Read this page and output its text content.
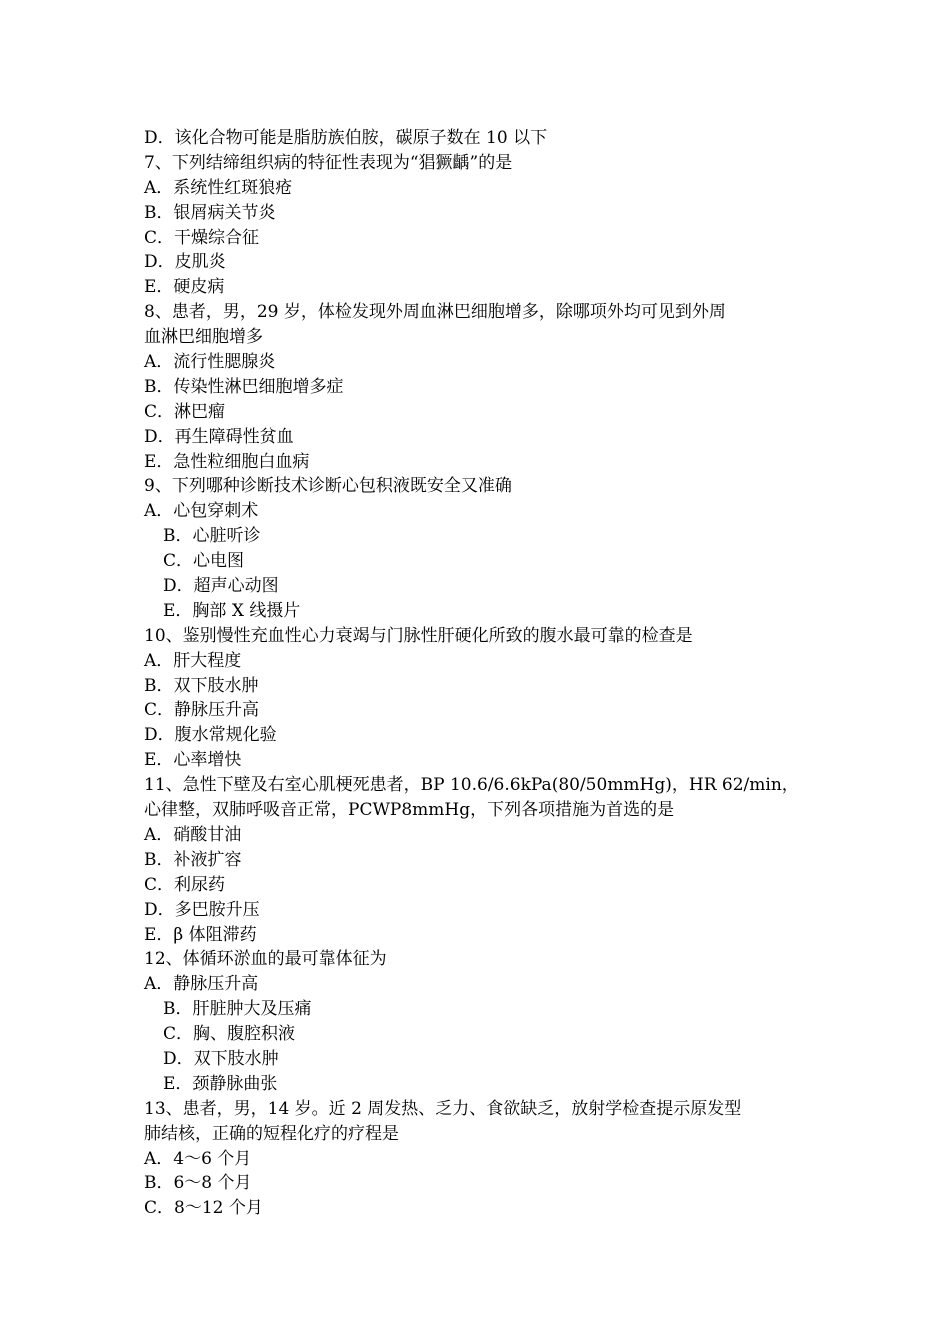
D．该化合物可能是脂肪族伯胺，碳原子数在 10 以下
7、下列结缔组织病的特征性表现为“猖獗齲”的是
A．系统性红斑狼疮
B．银屑病关节炎
C．干燥综合征
D．皮肌炎
E．硬皮病
8、患者，男，29 岁，体检发现外周血淋巴细胞增多，除哪项外均可见到外周
血淋巴细胞增多
A．流行性腮腺炎
B．传染性淋巴细胞增多症
C．淋巴瘤
D．再生障碍性贫血
E．急性粒细胞白血病
9、下列哪种诊断技术诊断心包积液既安全又准确
A．心包穿刺术
B．心脏听诊
C．心电图
D．超声心动图
E．胸部 X 线摄片
10、鉴别慢性充血性心力衰竭与门脉性肝硬化所致的腹水最可靠的检查是
A．肝大程度
B．双下肢水肿
C．静脉压升高
D．腹水常规化验
E．心率增快
11、急性下壁及右室心肌梗死患者，BP 10.6/6.6kPa(80/50mmHg)，HR 62/min，
心律整，双肺呼吸音正常，PCWP8mmHg，下列各项措施为首选的是
A．硝酸甘油
B．补液扩容
C．利尿药
D．多巴胺升压
E．β 体阻滞药
12、体循环淤血的最可靠体征为
A．静脉压升高
B．肝脏肿大及压痛
C．胸、腹腔积液
D．双下肢水肿
E．颈静脉曲张
13、患者，男，14 岁。近 2 周发热、乏力、食欲缺乏，放射学检查提示原发型
肺结核，正确的短程化疗的疗程是
A．4～6 个月
B．6～8 个月
C．8～12 个月
